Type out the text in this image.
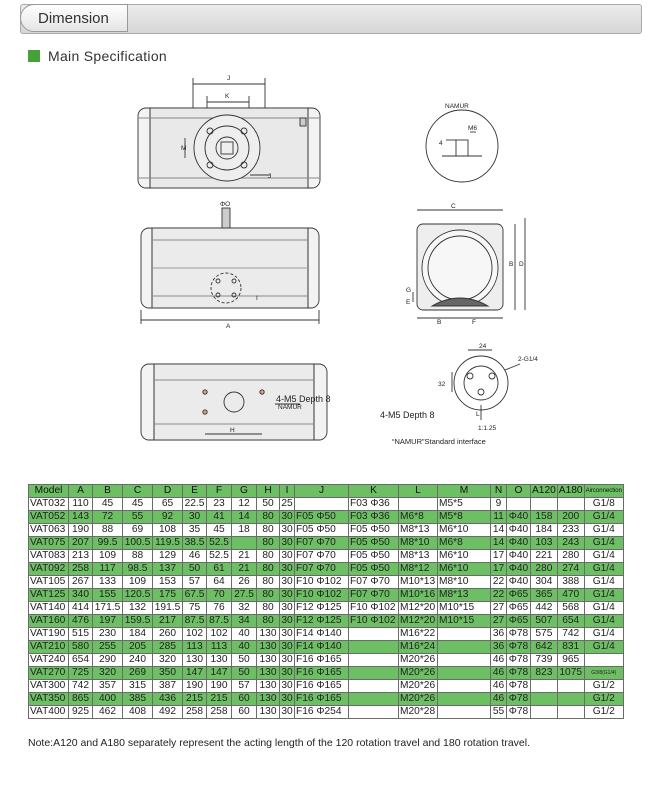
Dimension
Main Specification
J
K
M
J
ΦO
A
I
C
B D
B	F
G
E
H
L
NAMUR
M6
4
24
32
2-G1/4
1:1.25
NAMUR
4-M5 Depth 8
4-M5 Depth 8
“NAMUR”Standard interface
Model	A	B	C	D	E	F	G	H	I	J	K	L	M	N	O	A120	A180	Airconnection
VAT032	110	45	45	65	22.5	23	12	50	25		F03 Φ36		M5*5	9				G1/8
VAT052	143	72	55	92	30	41	14	80	30	F05 Φ50	F03 Φ36	M6*8	M5*8	11	Φ40	158	200	G1/4
VAT063	190	88	69	108	35	45	18	80	30	F05 Φ50	F05 Φ50	M8*13	M6*10	14	Φ40	184	233	G1/4
VAT075	207	99.5	100.5	119.5	38.5	52.5		80	30	F07 Φ70	F05 Φ50	M8*10	M6*8	14	Φ40	103	243	G1/4
VAT083	213	109	88	129	46	52.5	21	80	30	F07 Φ70	F05 Φ50	M8*13	M6*10	17	Φ40	221	280	G1/4
VAT092	258	117	98.5	137	50	61	21	80	30	F07 Φ70	F05 Φ50	M8*12	M6*10	17	Φ40	280	274	G1/4
VAT105	267	133	109	153	57	64	26	80	30	F10 Φ102	F07 Φ70	M10*13	M8*10	22	Φ40	304	388	G1/4
VAT125	340	155	120.5	175	67.5	70	27.5	80	30	F10 Φ102	F07 Φ70	M10*16	M8*13	22	Φ65	365	470	G1/4
VAT140	414	171.5	132	191.5	75	76	32	80	30	F12 Φ125	F10 Φ102	M12*20	M10*15	27	Φ65	442	568	G1/4
VAT160	476	197	159.5	217	87.5	87.5	34	80	30	F12 Φ125	F10 Φ102	M12*20	M10*15	27	Φ65	507	654	G1/4
VAT190	515	230	184	260	102	102	40	130	30	F14 Φ140		M16*22		36	Φ78	575	742	G1/4
VAT210	580	255	205	285	113	113	40	130	30	F14 Φ140		M16*24		36	Φ78	642	831	G1/4
VAT240	654	290	240	320	130	130	50	130	30	F16 Φ165		M20*26		46	Φ78	739	965	
VAT270	725	320	269	350	147	147	50	130	30	F16 Φ165		M20*26		46	Φ78	823	1075	G3/8(G1/4)
VAT300	742	357	315	387	190	190	57	130	30	F16 Φ165		M20*26		46	Φ78			G1/2
VAT350	865	400	385	436	215	215	60	130	30	F16 Φ165		M20*26		46	Φ78			G1/2
VAT400	925	462	408	492	258	258	60	130	30	F16 Φ254		M20*28		55	Φ78			G1/2
Note:A120 and A180 separately represent the acting length of the 120 rotation travel and 180 rotation travel.
